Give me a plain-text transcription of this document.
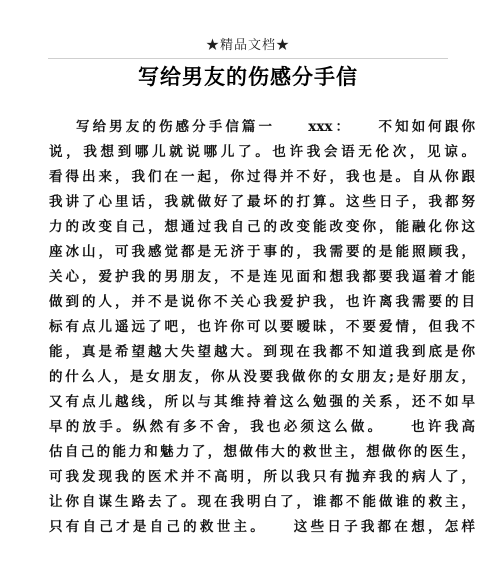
★精品文档★
写给男友的伤感分手信
写给男友的伤感分手信篇一　　xxx：　　不知如何跟你
说，我想到哪儿就说哪儿了。也许我会语无伦次，见谅。
看得出来，我们在一起，你过得并不好，我也是。自从你跟
我讲了心里话，我就做好了最坏的打算。这些日子，我都努
力的改变自己，想通过我自己的改变能改变你，能融化你这
座冰山，可我感觉都是无济于事的，我需要的是能照顾我，
关心，爱护我的男朋友，不是连见面和想我都要我逼着才能
做到的人，并不是说你不关心我爱护我，也许离我需要的目
标有点儿遥远了吧，也许你可以要暧昧，不要爱情，但我不
能，真是希望越大失望越大。到现在我都不知道我到底是你
的什么人，是女朋友，你从没要我做你的女朋友;是好朋友，
又有点儿越线，所以与其维持着这么勉强的关系，还不如早
早的放手。纵然有多不舍，我也必须这么做。　　也许我高
估自己的能力和魅力了，想做伟大的救世主，想做你的医生，
可我发现我的医术并不高明，所以我只有抛弃我的病人了，
让你自谋生路去了。现在我明白了，谁都不能做谁的救主，
只有自己才是自己的救世主。　　这些日子我都在想，怎样
